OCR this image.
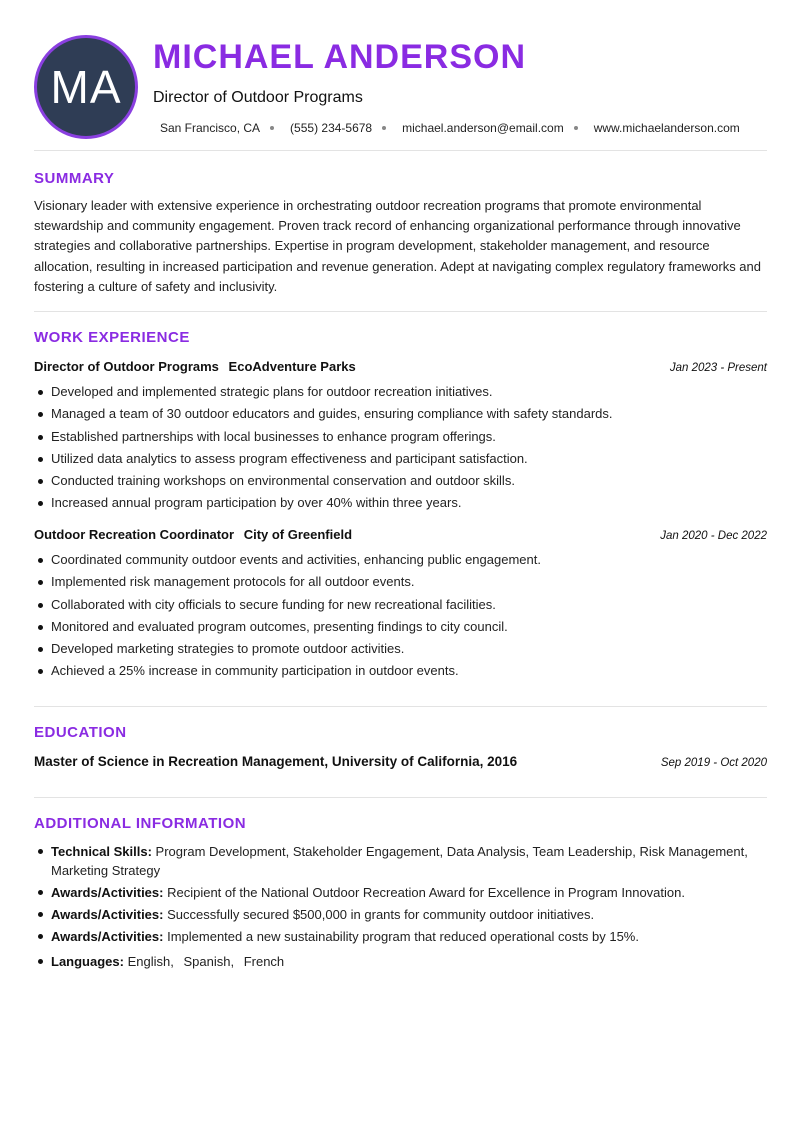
MA
MICHAEL ANDERSON
Director of Outdoor Programs
San Francisco, CA	(555) 234-5678	michael.anderson@email.com	www.michaelanderson.com
SUMMARY

Visionary leader with extensive experience in orchestrating outdoor recreation programs that promote environmental stewardship and community engagement. Proven track record of enhancing organizational performance through innovative strategies and collaborative partnerships. Expertise in program development, stakeholder management, and resource allocation, resulting in increased participation and revenue generation. Adept at navigating complex regulatory frameworks and fostering a culture of safety and inclusivity.

WORK EXPERIENCE
Director of Outdoor Programs EcoAdventure Parks	Jan 2023 - Present
Developed and implemented strategic plans for outdoor recreation initiatives.
Managed a team of 30 outdoor educators and guides, ensuring compliance with safety standards.
Established partnerships with local businesses to enhance program offerings.
Utilized data analytics to assess program effectiveness and participant satisfaction.
Conducted training workshops on environmental conservation and outdoor skills.
Increased annual program participation by over 40% within three years.
Outdoor Recreation Coordinator City of Greenfield	Jan 2020 - Dec 2022
Coordinated community outdoor events and activities, enhancing public engagement.
Implemented risk management protocols for all outdoor events.
Collaborated with city officials to secure funding for new recreational facilities.
Monitored and evaluated program outcomes, presenting findings to city council.
Developed marketing strategies to promote outdoor activities.
Achieved a 25% increase in community participation in outdoor events.
EDUCATION
Master of Science in Recreation Management, University of California, 2016	Sep 2019 - Oct 2020
ADDITIONAL INFORMATION
Technical Skills: Program Development, Stakeholder Engagement, Data Analysis, Team Leadership, Risk Management, Marketing Strategy
Awards/Activities: Recipient of the National Outdoor Recreation Award for Excellence in Program Innovation.
Awards/Activities: Successfully secured $500,000 in grants for community outdoor initiatives.
Awards/Activities: Implemented a new sustainability program that reduced operational costs by 15%.
Languages: English, Spanish, French
